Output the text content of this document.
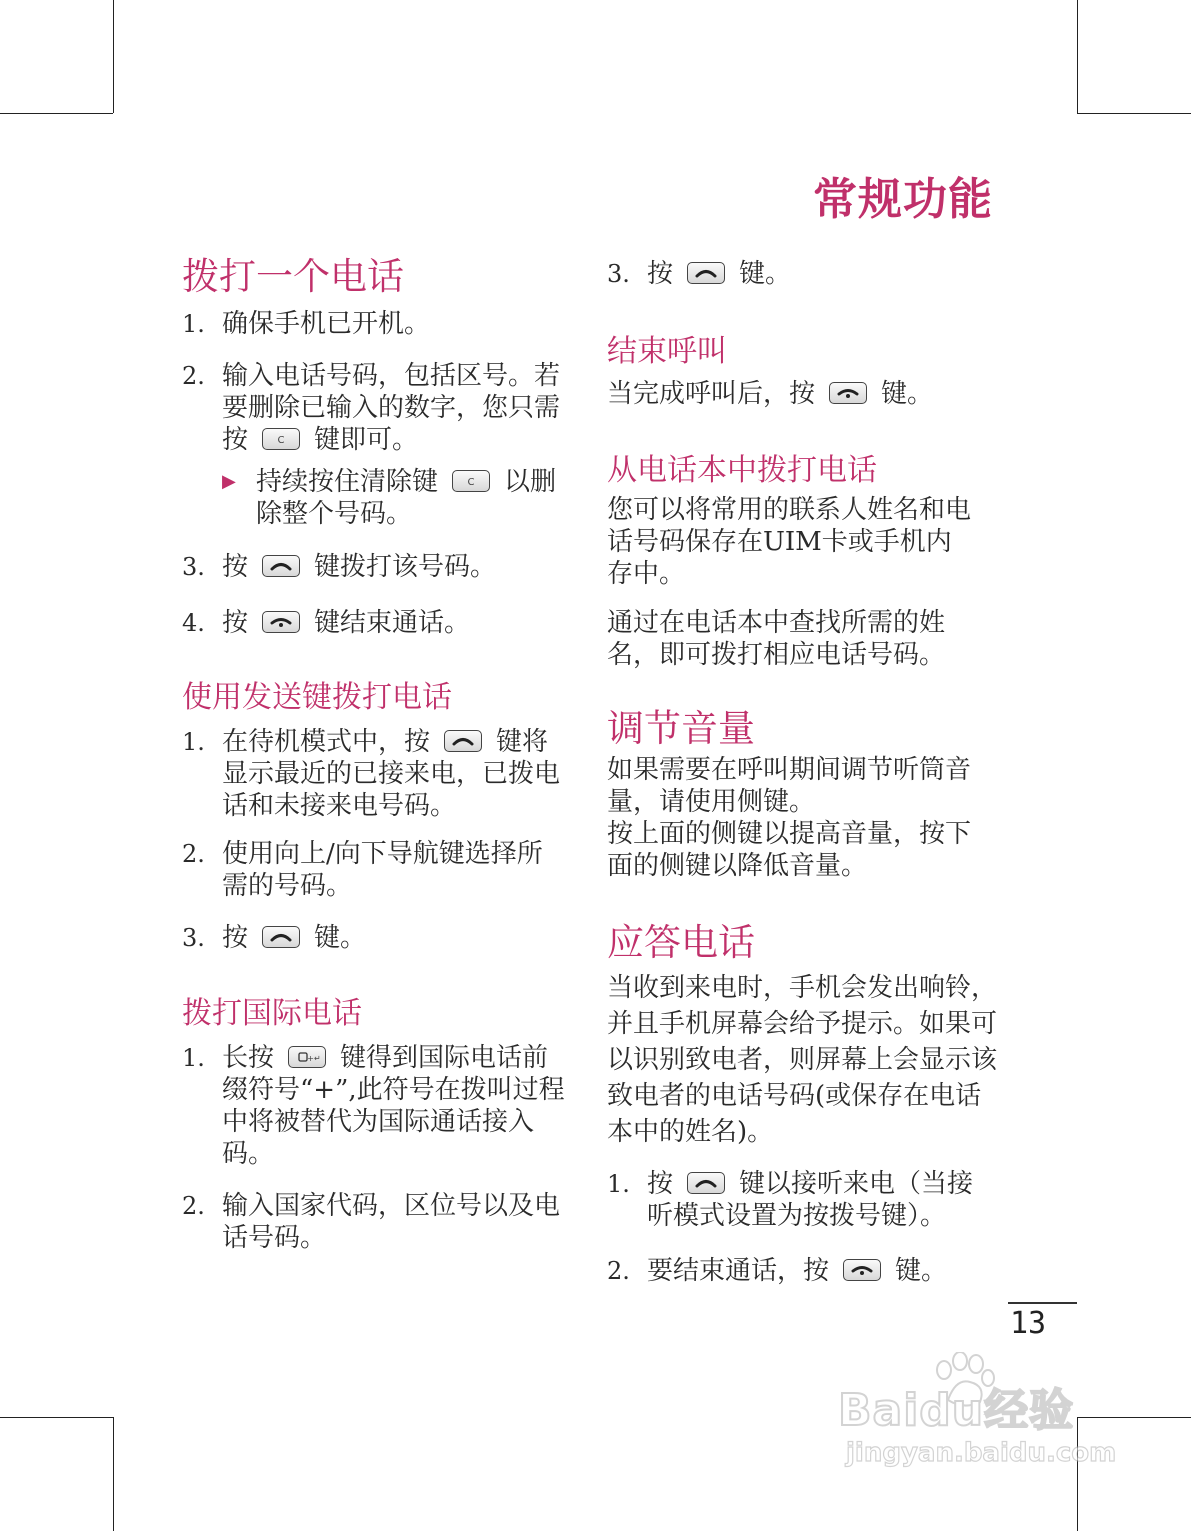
常规功能
拨打一个电话
1. 确保手机已开机。
2. 输入电话号码，包括区号。若要删除已输入的数字，您只需按	C 键即可。
▶ 持续按住清除键	C 以删除整个号码。
3. 按	键拨打该号码。
4. 按	键结束通话。
使用发送键拨打电话
1. 在待机模式中，按	键将显示最近的已接来电，已拨电话和未接来电号码。
2. 使用向上/向下导航键选择所需的号码。
3. 按	键。
拨打国际电话
1. 长按	+↵ 键得到国际电话前缀符号“+”,此符号在拨叫过程中将被替代为国际通话接入码。
2. 输入国家代码，区位号以及电话号码。
3. 按	键。
结束呼叫
当完成呼叫后，按	键。
从电话本中拨打电话
您可以将常用的联系人姓名和电话号码保存在UIM卡或手机内存中。
通过在电话本中查找所需的姓名，即可拨打相应电话号码。
调节音量
如果需要在呼叫期间调节听筒音量，请使用侧键。
按上面的侧键以提高音量，按下面的侧键以降低音量。
应答电话
当收到来电时，手机会发出响铃，并且手机屏幕会给予提示。如果可以识别致电者，则屏幕上会显示该致电者的电话号码(或保存在电话本中的姓名)。
1. 按	键以接听来电（当接听模式设置为按拨号键）。
2. 要结束通话，按	键。
13
Baidu经验
jingyan.baidu.com
